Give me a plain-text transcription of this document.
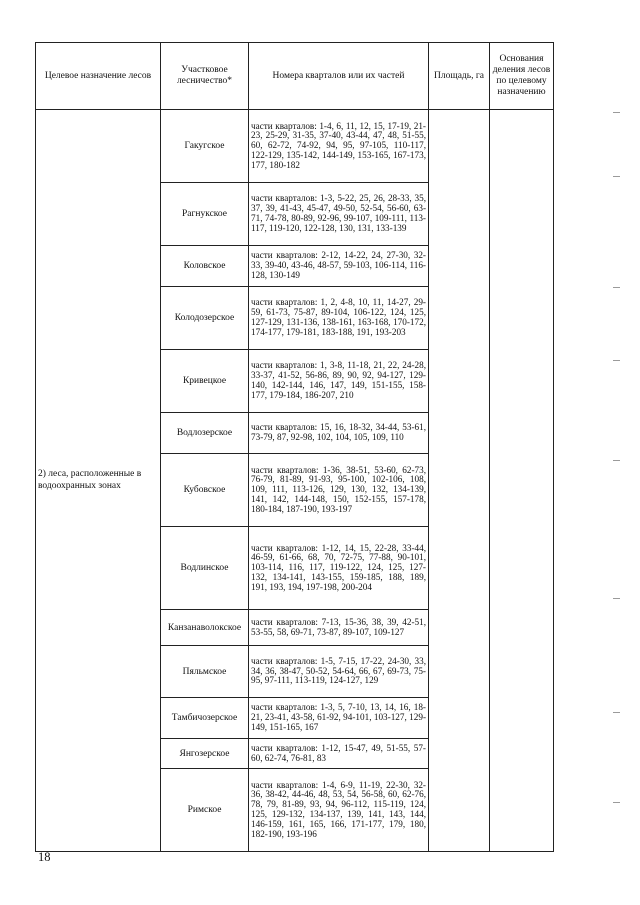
Целевое назначение лесов	Участковое лесничество*	Номера кварталов или их частей	Площадь, га	Основания деления лесов по целевому назначению
2) леса, расположенные в водоохранных зонах	Гакугское	части кварталов: 1-4, 6, 11, 12, 15, 17-19, 21-23, 25-29, 31-35, 37-40, 43-44, 47, 48, 51-55, 60, 62-72, 74-92, 94, 95, 97-105, 110-117, 122-129, 135-142, 144-149, 153-165, 167-173, 177, 180-182		
	Рагнукское	части кварталов: 1-3, 5-22, 25, 26, 28-33, 35, 37, 39, 41-43, 45-47, 49-50, 52-54, 56-60, 63-71, 74-78, 80-89, 92-96, 99-107, 109-111, 113-117, 119-120, 122-128, 130, 131, 133-139		
	Коловское	части кварталов: 2-12, 14-22, 24, 27-30, 32-33, 39-40, 43-46, 48-57, 59-103, 106-114, 116-128, 130-149		
	Колодозерское	части кварталов: 1, 2, 4-8, 10, 11, 14-27, 29-59, 61-73, 75-87, 89-104, 106-122, 124, 125, 127-129, 131-136, 138-161, 163-168, 170-172, 174-177, 179-181, 183-188, 191, 193-203		
	Кривецкое	части кварталов: 1, 3-8, 11-18, 21, 22, 24-28, 33-37, 41-52, 56-86, 89, 90, 92, 94-127, 129-140, 142-144, 146, 147, 149, 151-155, 158-177, 179-184, 186-207, 210		
	Водлозерское	части кварталов: 15, 16, 18-32, 34-44, 53-61, 73-79, 87, 92-98, 102, 104, 105, 109, 110		
	Кубовское	части кварталов: 1-36, 38-51, 53-60, 62-73, 76-79, 81-89, 91-93, 95-100, 102-106, 108, 109, 111, 113-126, 129, 130, 132, 134-139, 141, 142, 144-148, 150, 152-155, 157-178, 180-184, 187-190, 193-197		
	Водлинское	части кварталов: 1-12, 14, 15, 22-28, 33-44, 46-59, 61-66, 68, 70, 72-75, 77-88, 90-101, 103-114, 116, 117, 119-122, 124, 125, 127-132, 134-141, 143-155, 159-185, 188, 189, 191, 193, 194, 197-198, 200-204		
	Канзанаволокское	части кварталов: 7-13, 15-36, 38, 39, 42-51, 53-55, 58, 69-71, 73-87, 89-107, 109-127		
	Пяльмское	части кварталов: 1-5, 7-15, 17-22, 24-30, 33, 34, 36, 38-47, 50-52, 54-64, 66, 67, 69-73, 75-95, 97-111, 113-119, 124-127, 129		
	Тамбичозерское	части кварталов: 1-3, 5, 7-10, 13, 14, 16, 18-21, 23-41, 43-58, 61-92, 94-101, 103-127, 129-149, 151-165, 167		
	Янгозерское	части кварталов: 1-12, 15-47, 49, 51-55, 57-60, 62-74, 76-81, 83		
	Римское	части кварталов: 1-4, 6-9, 11-19, 22-30, 32-36, 38-42, 44-46, 48, 53, 54, 56-58, 60, 62-76, 78, 79, 81-89, 93, 94, 96-112, 115-119, 124, 125, 129-132, 134-137, 139, 141, 143, 144, 146-159, 161, 165, 166, 171-177, 179, 180, 182-190, 193-196		
18
